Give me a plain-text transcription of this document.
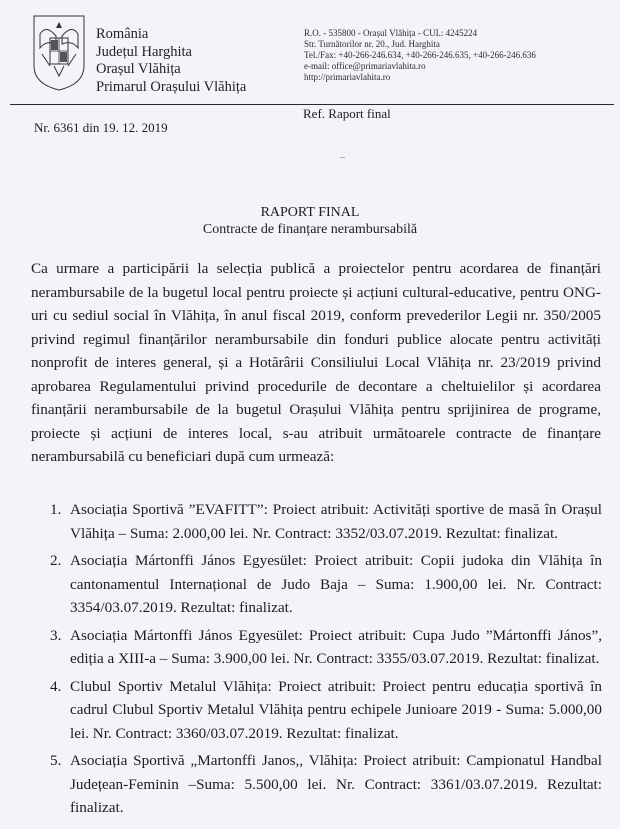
România
Județul Harghita
Orașul Vlăhița
Primarul Orașului Vlăhița
R.O. - 535800 - Orașul Vlăhița - CUI.: 4245224
Str. Turnătorilor nr. 20., Jud. Harghita
Tel./Fax: +40-266-246.634, +40-266-246.635, +40-266-246.636
e-mail: office@primariavlahita.ro
http://primariavlahita.ro
Ref. Raport final
Nr. 6361 din 19. 12. 2019
–
RAPORT FINAL
Contracte de finanțare nerambursabilă
Ca urmare a participării la selecția publică a proiectelor pentru acordarea de finanțări nerambursabile de la bugetul local pentru proiecte și acțiuni cultural-educative, pentru ONG-uri cu sediul social în Vlăhița, în anul fiscal 2019, conform prevederilor Legii nr. 350/2005 privind regimul finanțărilor nerambursabile din fonduri publice alocate pentru activități nonprofit de interes general, și a Hotărârii Consiliului Local Vlăhița nr. 23/2019 privind aprobarea Regulamentului privind procedurile de decontare a cheltuielilor și acordarea finanțării nerambursabile de la bugetul Orașului Vlăhița pentru sprijinirea de programe, proiecte și acțiuni de interes local, s-au atribuit următoarele contracte de finanțare nerambursabilă cu beneficiari după cum urmează:
1. Asociația Sportivă ”EVAFITT”: Proiect atribuit: Activități sportive de masă în Orașul Vlăhița – Suma: 2.000,00 lei. Nr. Contract: 3352/03.07.2019. Rezultat: finalizat.
2. Asociația Mártonffi János Egyesület: Proiect atribuit: Copii judoka din Vlăhița în cantonamentul Internațional de Judo Baja – Suma: 1.900,00 lei. Nr. Contract: 3354/03.07.2019. Rezultat: finalizat.
3. Asociația Mártonffi János Egyesület: Proiect atribuit: Cupa Judo ”Mártonffi János”, ediția a XIII-a – Suma: 3.900,00 lei. Nr. Contract: 3355/03.07.2019. Rezultat: finalizat.
4. Clubul Sportiv Metalul Vlăhița: Proiect atribuit: Proiect pentru educația sportivă în cadrul Clubul Sportiv Metalul Vlăhița pentru echipele Junioare 2019 - Suma: 5.000,00 lei. Nr. Contract: 3360/03.07.2019. Rezultat: finalizat.
5. Asociația Sportivă „Martonffi Janos,, Vlăhița: Proiect atribuit: Campionatul Handbal Județean-Feminin –Suma: 5.500,00 lei. Nr. Contract: 3361/03.07.2019. Rezultat: finalizat.
